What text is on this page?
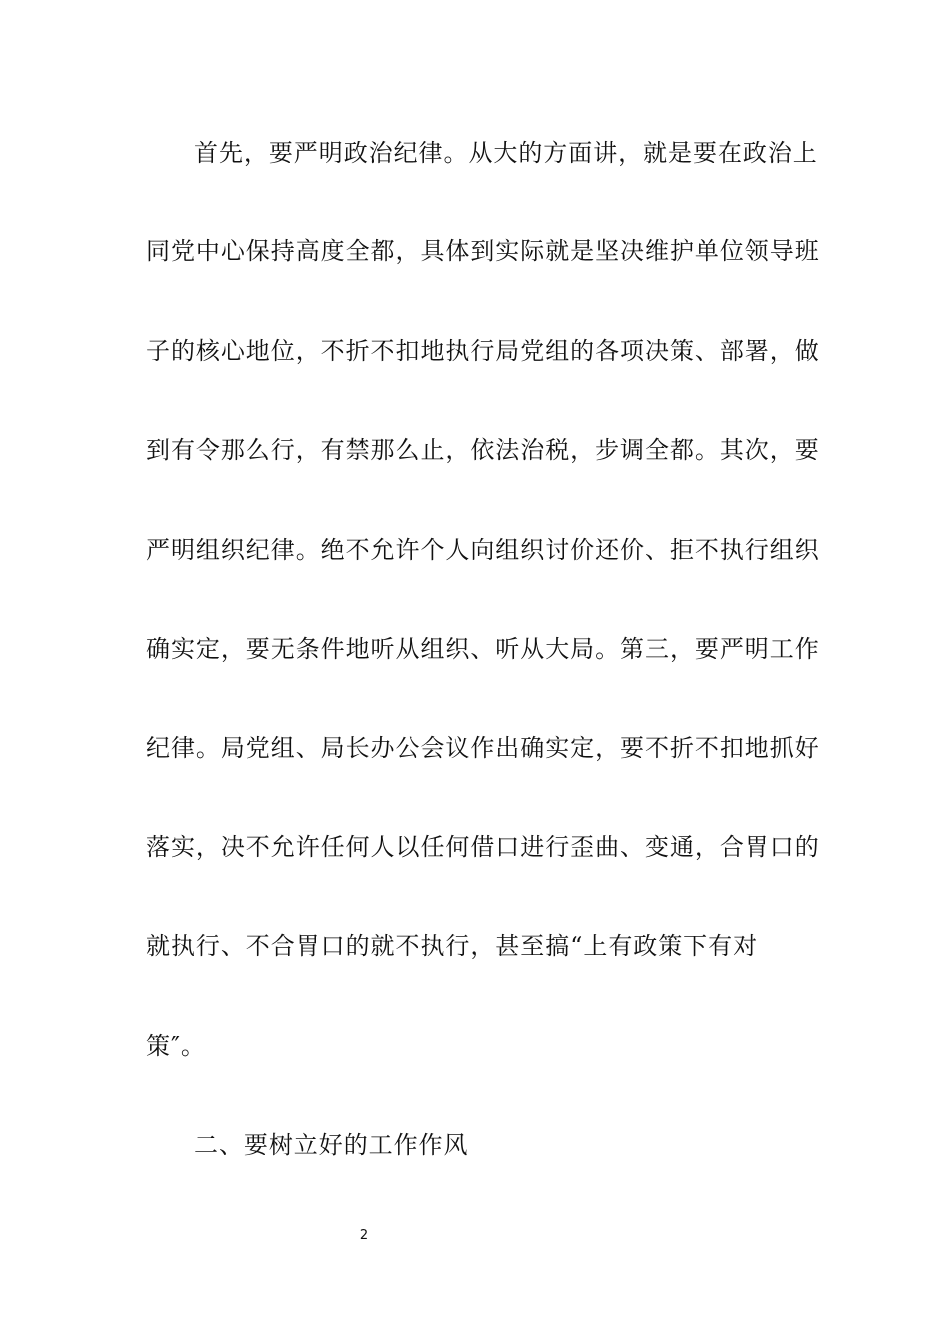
首先，要严明政治纪律。从大的方面讲，就是要在政治上
同党中心保持高度全都，具体到实际就是坚决维护单位领导班
子的核心地位，不折不扣地执行局党组的各项决策、部署，做
到有令那么行，有禁那么止，依法治税，步调全都。其次，要
严明组织纪律。绝不允许个人向组织讨价还价、拒不执行组织
确实定，要无条件地听从组织、听从大局。第三，要严明工作
纪律。局党组、局长办公会议作出确实定，要不折不扣地抓好
落实，决不允许任何人以任何借口进行歪曲、变通，合胃口的
就执行、不合胃口的就不执行，甚至搞“上有政策下有对
策″。
二、要树立好的工作作风
2
